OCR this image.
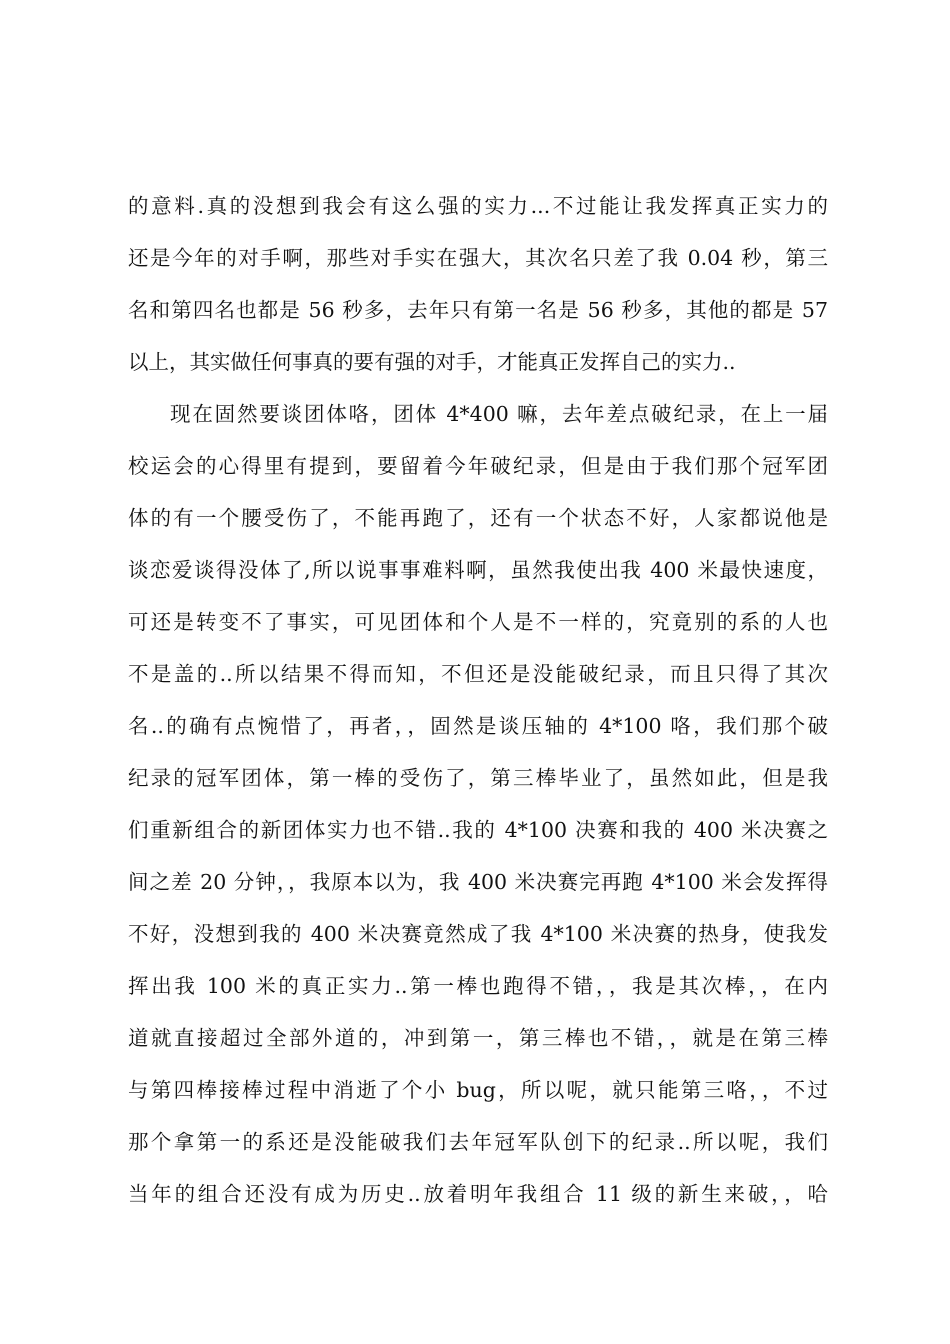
的意料.真的没想到我会有这么强的实力...不过能让我发挥真正实力的
还是今年的对手啊，那些对手实在强大，其次名只差了我 0.04 秒，第三
名和第四名也都是 56 秒多，去年只有第一名是 56 秒多，其他的都是 57
以上，其实做任何事真的要有强的对手，才能真正发挥自己的实力..
现在固然要谈团体咯，团体 4*400 嘛，去年差点破纪录，在上一届
校运会的心得里有提到，要留着今年破纪录，但是由于我们那个冠军团
体的有一个腰受伤了，不能再跑了，还有一个状态不好，人家都说他是
谈恋爱谈得没体了,所以说事事难料啊，虽然我使出我 400 米最快速度，
可还是转变不了事实，可见团体和个人是不一样的，究竟别的系的人也
不是盖的..所以结果不得而知，不但还是没能破纪录，而且只得了其次
名..的确有点惋惜了，再者，，固然是谈压轴的 4*100 咯，我们那个破
纪录的冠军团体，第一棒的受伤了，第三棒毕业了，虽然如此，但是我
们重新组合的新团体实力也不错..我的 4*100 决赛和我的 400 米决赛之
间之差 20 分钟，，我原本以为，我 400 米决赛完再跑 4*100 米会发挥得
不好，没想到我的 400 米决赛竟然成了我 4*100 米决赛的热身，使我发
挥出我 100 米的真正实力..第一棒也跑得不错，，我是其次棒，，在内
道就直接超过全部外道的，冲到第一，第三棒也不错，，就是在第三棒
与第四棒接棒过程中消逝了个小 bug，所以呢，就只能第三咯，，不过
那个拿第一的系还是没能破我们去年冠军队创下的纪录..所以呢，我们
当年的组合还没有成为历史..放着明年我组合 11 级的新生来破，，哈
